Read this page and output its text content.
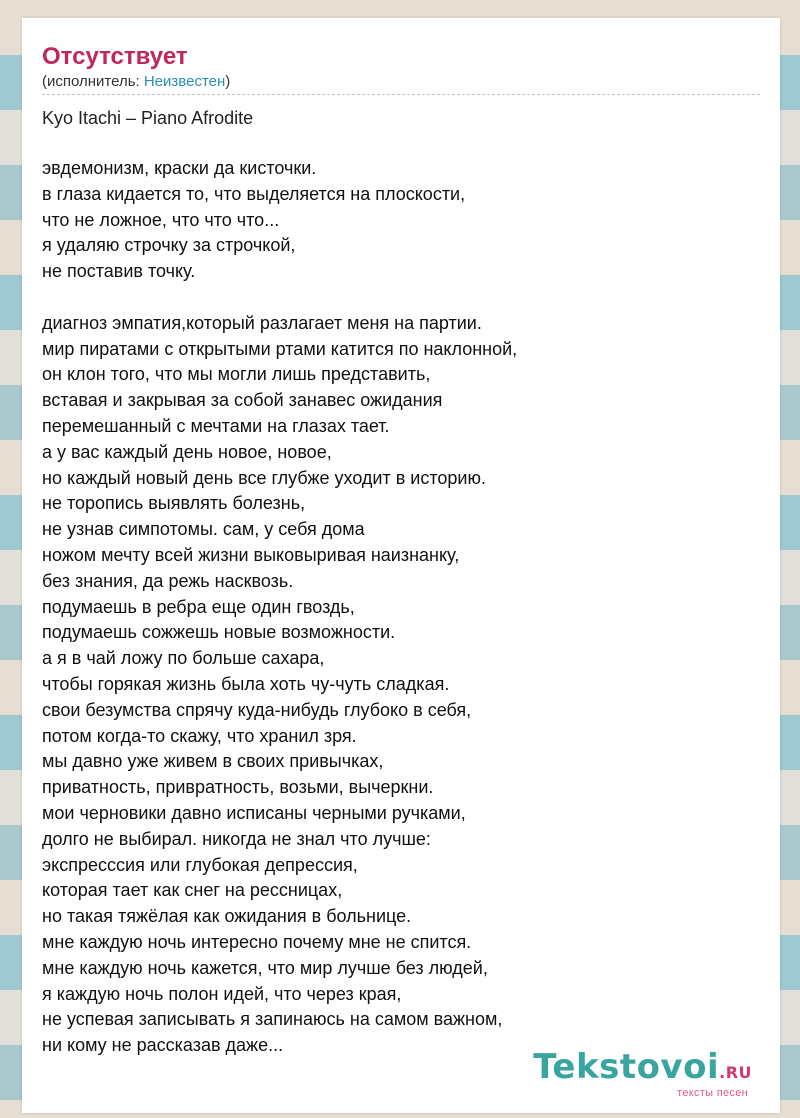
Отсутствует
(исполнитель: Неизвестен)
Kyo Itachi – Piano Afrodite
эвдемонизм, краски да кисточки.
в глаза кидается то, что выделяется на плоскости,
что не ложное, что что что...
я удаляю строчку за строчкой,
не поставив точку.
диагноз эмпатия,который разлагает меня на партии.
мир пиратами с открытыми ртами катится по наклонной,
он клон того, что мы могли лишь представить,
вставая и закрывая за собой занавес ожидания
перемешанный с мечтами на глазах тает.
а у вас каждый день новое, новое,
но каждый новый день все глубже уходит в историю.
не торопись выявлять болезнь,
не узнав симпотомы. сам, у себя дома
ножом мечту всей жизни выковыривая наизнанку,
без знания, да режь насквозь.
подумаешь в ребра еще один гвоздь,
подумаешь сожжешь новые возможности.
а я в чай ложу по больше сахара,
чтобы горякая жизнь была хоть чу-чуть сладкая.
свои безумства спрячу куда-нибудь глубоко в себя,
потом когда-то скажу, что хранил зря.
мы давно уже живем в своих привычках,
приватность, привратность, возьми, вычеркни.
мои черновики давно исписаны черными ручками,
долго не выбирал. никогда не знал что лучше:
экспресссия или глубокая депрессия,
которая тает как снег на рессницах,
но такая тяжёлая как ожидания в больнице.
мне каждую ночь интересно почему мне не спится.
мне каждую ночь кажется, что мир лучше без людей,
я каждую ночь полон идей, что через края,
не успевая записывать я запинаюсь на самом важном,
ни кому не рассказав даже...
Tekstovoi.RU
тексты песен
